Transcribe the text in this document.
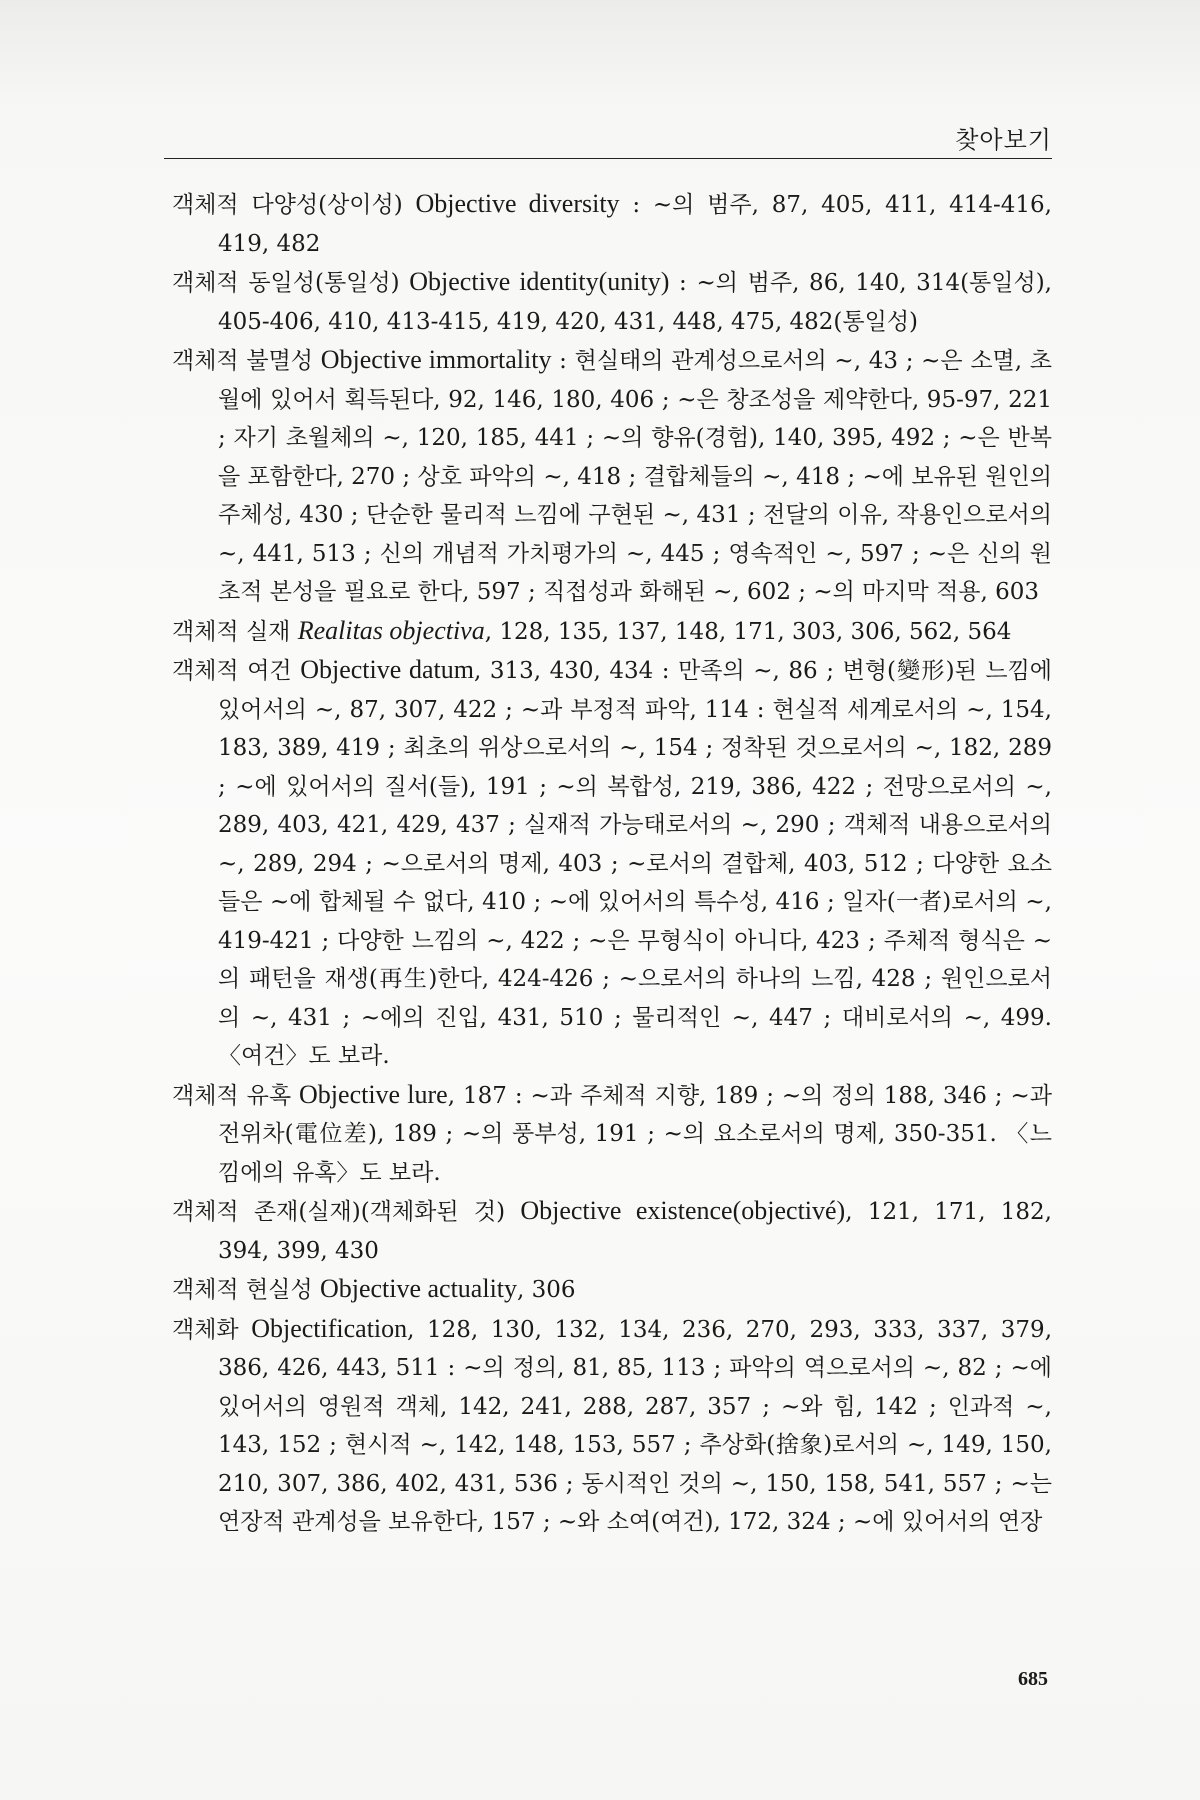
찾아보기

객체적 다양성(상이성) Objective diversity : ~의 범주, 87, 405, 411, 414-416, 419, 482

객체적 동일성(통일성) Objective identity(unity) : ~의 범주, 86, 140, 314(통일성), 405-406, 410, 413-415, 419, 420, 431, 448, 475, 482(통일성)

객체적 불멸성 Objective immortality : 현실태의 관계성으로서의 ~, 43 ; ~은 소멸, 초월에 있어서 획득된다, 92, 146, 180, 406 ; ~은 창조성을 제약한다, 95-97, 221 ; 자기 초월체의 ~, 120, 185, 441 ; ~의 향유(경험), 140, 395, 492 ; ~은 반복을 포함한다, 270 ; 상호 파악의 ~, 418 ; 결합체들의 ~, 418 ; ~에 보유된 원인의 주체성, 430 ; 단순한 물리적 느낌에 구현된 ~, 431 ; 전달의 이유, 작용인으로서의 ~, 441, 513 ; 신의 개념적 가치평가의 ~, 445 ; 영속적인 ~, 597 ; ~은 신의 원초적 본성을 필요로 한다, 597 ; 직접성과 화해된 ~, 602 ; ~의 마지막 적용, 603

객체적 실재 Realitas objectiva, 128, 135, 137, 148, 171, 303, 306, 562, 564

객체적 여건 Objective datum, 313, 430, 434 : 만족의 ~, 86 ; 변형(變形)된 느낌에 있어서의 ~, 87, 307, 422 ; ~과 부정적 파악, 114 : 현실적 세계로서의 ~, 154, 183, 389, 419 ; 최초의 위상으로서의 ~, 154 ; 정착된 것으로서의 ~, 182, 289 ; ~에 있어서의 질서(들), 191 ; ~의 복합성, 219, 386, 422 ; 전망으로서의 ~, 289, 403, 421, 429, 437 ; 실재적 가능태로서의 ~, 290 ; 객체적 내용으로서의 ~, 289, 294 ; ~으로서의 명제, 403 ; ~로서의 결합체, 403, 512 ; 다양한 요소들은 ~에 합체될 수 없다, 410 ; ~에 있어서의 특수성, 416 ; 일자(一者)로서의 ~, 419-421 ; 다양한 느낌의 ~, 422 ; ~은 무형식이 아니다, 423 ; 주체적 형식은 ~의 패턴을 재생(再生)한다, 424-426 ; ~으로서의 하나의 느낌, 428 ; 원인으로서의 ~, 431 ; ~에의 진입, 431, 510 ; 물리적인 ~, 447 ; 대비로서의 ~, 499. 〈여건〉도 보라.

객체적 유혹 Objective lure, 187 : ~과 주체적 지향, 189 ; ~의 정의 188, 346 ; ~과 전위차(電位差), 189 ; ~의 풍부성, 191 ; ~의 요소로서의 명제, 350-351. 〈느낌에의 유혹〉도 보라.

객체적 존재(실재)(객체화된 것) Objective existence(objectivé), 121, 171, 182, 394, 399, 430

객체적 현실성 Objective actuality, 306

객체화 Objectification, 128, 130, 132, 134, 236, 270, 293, 333, 337, 379, 386, 426, 443, 511 : ~의 정의, 81, 85, 113 ; 파악의 역으로서의 ~, 82 ; ~에 있어서의 영원적 객체, 142, 241, 288, 287, 357 ; ~와 힘, 142 ; 인과적 ~, 143, 152 ; 현시적 ~, 142, 148, 153, 557 ; 추상화(捨象)로서의 ~, 149, 150, 210, 307, 386, 402, 431, 536 ; 동시적인 것의 ~, 150, 158, 541, 557 ; ~는 연장적 관계성을 보유한다, 157 ; ~와 소여(여건), 172, 324 ; ~에 있어서의 연장

685
